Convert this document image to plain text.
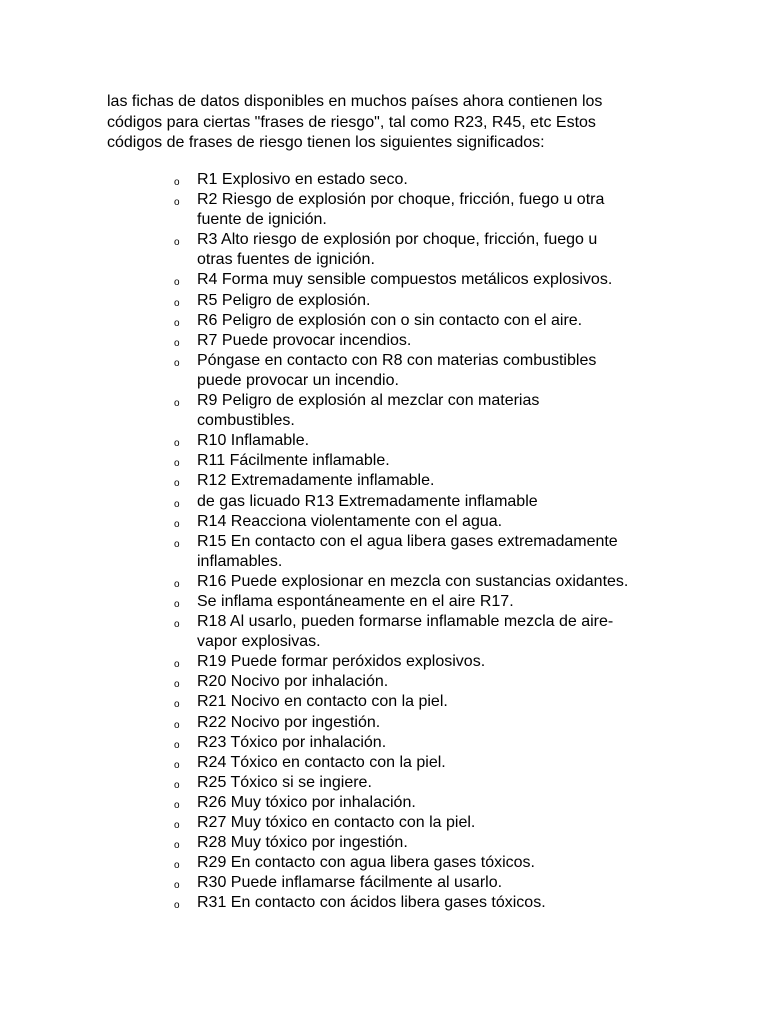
las fichas de datos disponibles en muchos países ahora contienen los
códigos para ciertas "frases de riesgo", tal como R23, R45, etc Estos
códigos de frases de riesgo tienen los siguientes significados:

o R1 Explosivo en estado seco.
o R2 Riesgo de explosión por choque, fricción, fuego u otra
fuente de ignición.
o R3 Alto riesgo de explosión por choque, fricción, fuego u
otras fuentes de ignición.
o R4 Forma muy sensible compuestos metálicos explosivos.
o R5 Peligro de explosión.
o R6 Peligro de explosión con o sin contacto con el aire.
o R7 Puede provocar incendios.
o Póngase en contacto con R8 con materias combustibles
puede provocar un incendio.
o R9 Peligro de explosión al mezclar con materias
combustibles.
o R10 Inflamable.
o R11 Fácilmente inflamable.
o R12 Extremadamente inflamable.
o de gas licuado R13 Extremadamente inflamable
o R14 Reacciona violentamente con el agua.
o R15 En contacto con el agua libera gases extremadamente
inflamables.
o R16 Puede explosionar en mezcla con sustancias oxidantes.
o Se inflama espontáneamente en el aire R17.
o R18 Al usarlo, pueden formarse inflamable mezcla de aire-
vapor explosivas.
o R19 Puede formar peróxidos explosivos.
o R20 Nocivo por inhalación.
o R21 Nocivo en contacto con la piel.
o R22 Nocivo por ingestión.
o R23 Tóxico por inhalación.
o R24 Tóxico en contacto con la piel.
o R25 Tóxico si se ingiere.
o R26 Muy tóxico por inhalación.
o R27 Muy tóxico en contacto con la piel.
o R28 Muy tóxico por ingestión.
o R29 En contacto con agua libera gases tóxicos.
o R30 Puede inflamarse fácilmente al usarlo.
o R31 En contacto con ácidos libera gases tóxicos.
